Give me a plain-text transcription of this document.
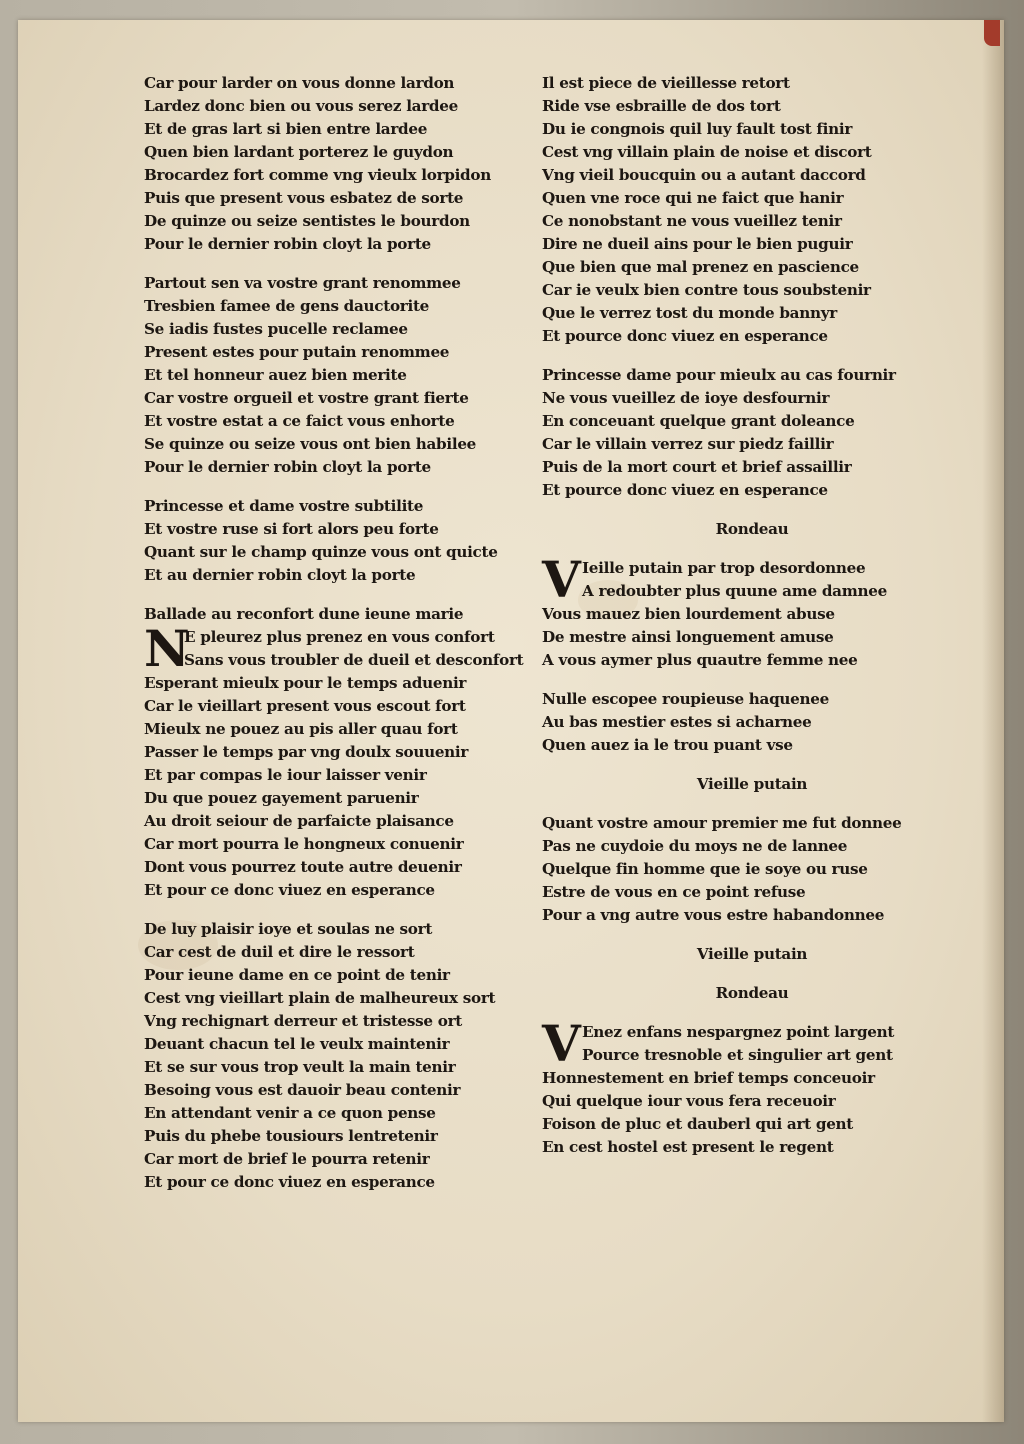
Car pour larder on vous donne lardon
Lardez donc bien ou vous serez lardee
Et de gras lart si bien entre lardee
Quen bien lardant porterez le guydon
Brocardez fort comme vng vieulx lorpidon
Puis que present vous esbatez de sorte
De quinze ou seize sentistes le bourdon
Pour le dernier robin cloyt la porte
Partout sen va vostre grant renommee
Tresbien famee de gens dauctorite
Se iadis fustes pucelle reclamee
Present estes pour putain renommee
Et tel honneur auez bien merite
Car vostre orgueil et vostre grant fierte
Et vostre estat a ce faict vous enhorte
Se quinze ou seize vous ont bien habilee
Pour le dernier robin cloyt la porte
Princesse et dame vostre subtilite
Et vostre ruse si fort alors peu forte
Quant sur le champ quinze vous ont quicte
Et au dernier robin cloyt la porte
Ballade au reconfort dune ieune marie
N
E pleurez plus prenez en vous confort
Sans vous troubler de dueil et desconfort
Esperant mieulx pour le temps aduenir
Car le vieillart present vous escout fort
Mieulx ne pouez au pis aller quau fort
Passer le temps par vng doulx souuenir
Et par compas le iour laisser venir
Du que pouez gayement paruenir
Au droit seiour de parfaicte plaisance
Car mort pourra le hongneux conuenir
Dont vous pourrez toute autre deuenir
Et pour ce donc viuez en esperance
De luy plaisir ioye et soulas ne sort
Car cest de duil et dire le ressort
Pour ieune dame en ce point de tenir
Cest vng vieillart plain de malheureux sort
Vng rechignart derreur et tristesse ort
Deuant chacun tel le veulx maintenir
Et se sur vous trop veult la main tenir
Besoing vous est dauoir beau contenir
En attendant venir a ce quon pense
Puis du phebe tousiours lentretenir
Car mort de brief le pourra retenir
Et pour ce donc viuez en esperance
Il est piece de vieillesse retort
Ride vse esbraille de dos tort
Du ie congnois quil luy fault tost finir
Cest vng villain plain de noise et discort
Vng vieil boucquin ou a autant daccord
Quen vne roce qui ne faict que hanir
Ce nonobstant ne vous vueillez tenir
Dire ne dueil ains pour le bien puguir
Que bien que mal prenez en pascience
Car ie veulx bien contre tous soubstenir
Que le verrez tost du monde bannyr
Et pource donc viuez en esperance
Princesse dame pour mieulx au cas fournir
Ne vous vueillez de ioye desfournir
En conceuant quelque grant doleance
Car le villain verrez sur piedz faillir
Puis de la mort court et brief assaillir
Et pource donc viuez en esperance
Rondeau
V Ieille putain par trop desordonnee
A redoubter plus quune ame damnee
Vous mauez bien lourdement abuse
De mestre ainsi longuement amuse
A vous aymer plus quautre femme nee
Nulle escopee roupieuse haquenee
Au bas mestier estes si acharnee
Quen auez ia le trou puant vse
Vieille putain
Quant vostre amour premier me fut donnee
Pas ne cuydoie du moys ne de lannee
Quelque fin homme que ie soye ou ruse
Estre de vous en ce point refuse
Pour a vng autre vous estre habandonnee
Vieille putain
Rondeau
V Enez enfans nespargnez point largent
Pource tresnoble et singulier art gent
Honnestement en brief temps conceuoir
Qui quelque iour vous fera receuoir
Foison de pluc et dauberl qui art gent
En cest hostel est present le regent
